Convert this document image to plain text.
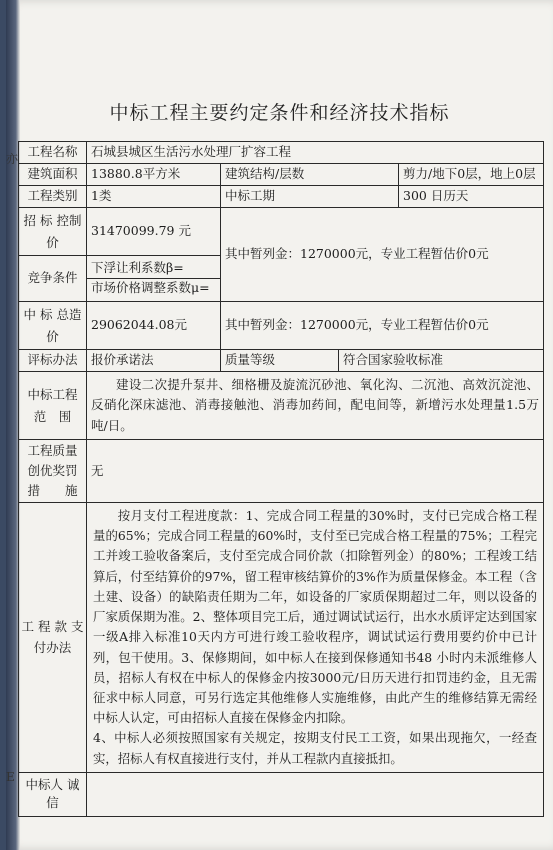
亦
E
中标工程主要约定条件和经济技术指标
工程名称	石城县城区生活污水处理厂扩容工程			
建筑面积	13880.8平方米	建筑结构/层数		剪力/地下0层，地上0层
工程类别	1类	中标工期		300 日历天
招 标 控制价	31470099.79 元	其中暂列金：1270000元，专业工程暂估价0元		
竞争条件	下浮让利系数β=
市场价格调整系数μ=			

中 标 总造价	29062044.08元	其中暂列金：1270000元，专业工程暂估价0元		
评标办法	报价承诺法	质量等级	符合国家验收标准	
中标工程 范　围	建设二次提升泵井、细格栅及旋流沉砂池、氧化沟、二沉池、高效沉淀池、反硝化深床滤池、消毒接触池、消毒加药间，配电间等，新增污水处理量1.5万吨/日。			
工程质量 创优奖罚 措　　施	无			
工 程 款 支付办法	按月支付工程进度款：1、完成合同工程量的30%时，支付已完成合格工程量的65%；完成合同工程量的60%时，支付至已完成合格工程量的75%；工程完工并竣工验收备案后，支付至完成合同价款（扣除暂列金）的80%；工程竣工结算后，付至结算价的97%，留工程审核结算价的3%作为质量保修金。本工程（含土建、设备）的缺陷责任期为二年，如设备的厂家质保期超过二年，则以设备的厂家质保期为准。2、整体项目完工后，通过调试试运行，出水水质评定达到国家一级A排入标准10天内方可进行竣工验收程序，调试试运行费用要约价中已计列，包干使用。3、保修期间，如中标人在接到保修通知书48 小时内未派维修人员，招标人有权在中标人的保修金内按3000元/日历天进行扣罚违约金，且无需征求中标人同意，可另行选定其他维修人实施维修，由此产生的维修结算无需经中标人认定，可由招标人直接在保修金内扣除。
4、中标人必须按照国家有关规定，按期支付民工工资，如果出现拖欠，一经查实，招标人有权直接进行支付，并从工程款内直接抵扣。			

中标人 诚　信				
